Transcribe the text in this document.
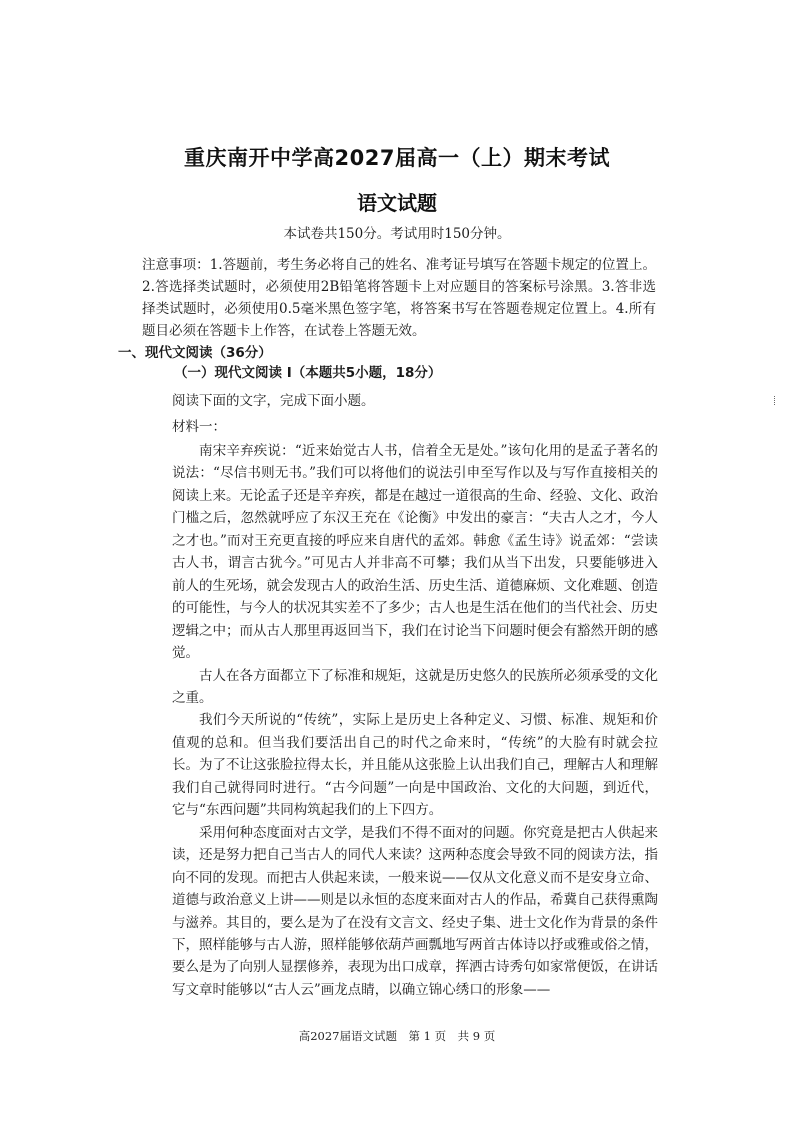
重庆南开中学高2027届高一（上）期末考试
语文试题
本试卷共150分。考试用时150分钟。
注意事项：1.答题前，考生务必将自己的姓名、准考证号填写在答题卡规定的位置上。2.答选择类试题时，必须使用2B铅笔将答题卡上对应题目的答案标号涂黑。3.答非选择类试题时，必须使用0.5毫米黑色签字笔，将答案书写在答题卷规定位置上。4.所有题目必须在答题卡上作答，在试卷上答题无效。
一、现代文阅读（36分）
（一）现代文阅读 I（本题共5小题，18分）
阅读下面的文字，完成下面小题。
材料一：

南宋辛弃疾说：“近来始觉古人书，信着全无是处。”该句化用的是孟子著名的说法：“尽信书则无书。”我们可以将他们的说法引申至写作以及与写作直接相关的阅读上来。无论孟子还是辛弃疾，都是在越过一道很高的生命、经验、文化、政治门槛之后，忽然就呼应了东汉王充在《论衡》中发出的豪言：“夫古人之才，今人之才也。”而对王充更直接的呼应来自唐代的孟郊。韩愈《孟生诗》说孟郊：“尝读古人书，谓言古犹今。”可见古人并非高不可攀；我们从当下出发，只要能够进入前人的生死场，就会发现古人的政治生活、历史生活、道德麻烦、文化难题、创造的可能性，与今人的状况其实差不了多少；古人也是生活在他们的当代社会、历史逻辑之中；而从古人那里再返回当下，我们在讨论当下问题时便会有豁然开朗的感觉。

古人在各方面都立下了标准和规矩，这就是历史悠久的民族所必须承受的文化之重。

我们今天所说的“传统”，实际上是历史上各种定义、习惯、标准、规矩和价值观的总和。但当我们要活出自己的时代之命来时，“传统”的大脸有时就会拉长。为了不让这张脸拉得太长，并且能从这张脸上认出我们自己，理解古人和理解我们自己就得同时进行。“古今问题”一向是中国政治、文化的大问题，到近代，它与“东西问题”共同构筑起我们的上下四方。

采用何种态度面对古文学，是我们不得不面对的问题。你究竟是把古人供起来读，还是努力把自己当古人的同代人来读？这两种态度会导致不同的阅读方法，指向不同的发现。而把古人供起来读，一般来说——仅从文化意义而不是安身立命、道德与政治意义上讲——则是以永恒的态度来面对古人的作品，希冀自己获得熏陶与滋养。其目的，要么是为了在没有文言文、经史子集、进士文化作为背景的条件下，照样能够与古人游，照样能够依葫芦画瓢地写两首古体诗以抒或雅或俗之情，要么是为了向别人显摆修养，表现为出口成章，挥洒古诗秀句如家常便饭，在讲话写文章时能够以“古人云”画龙点睛，以确立锦心绣口的形象——

高2027届语文试题　第 1 页　共 9 页
